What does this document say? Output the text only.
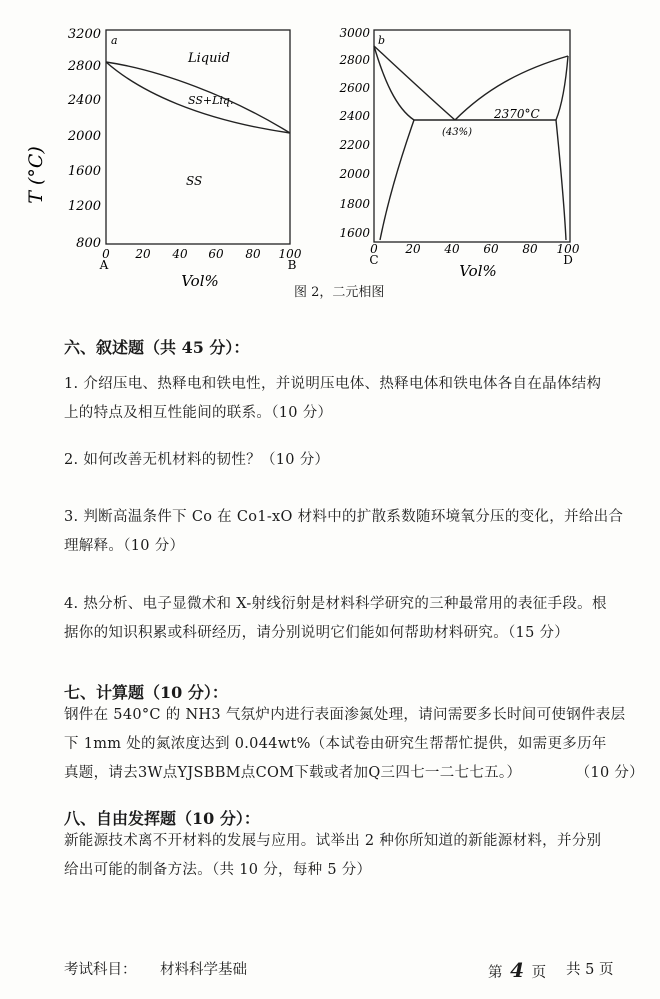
T (°C)
a
3200
2800
2400
2000
1600
1200
800
0 20 40 60 80 100
A	B
Vol%
Liquid
SS+Liq.
SS
b
3000
2800
2600
2400
2200
2000
1800
1600
0 20 40 60 80 100
C	D
Vol%
2370°C
(43%)
图 2，二元相图
六、叙述题（共 45 分）：
1. 介绍压电、热释电和铁电性，并说明压电体、热释电体和铁电体各自在晶体结构
上的特点及相互性能间的联系。（10 分）
2. 如何改善无机材料的韧性？（10 分）
3. 判断高温条件下 Co 在 Co1-xO 材料中的扩散系数随环境氧分压的变化，并给出合
理解释。（10 分）
4. 热分析、电子显微术和 X-射线衍射是材料科学研究的三种最常用的表征手段。根
据你的知识积累或科研经历，请分别说明它们能如何帮助材料研究。（15 分）
七、计算题（10 分）：
钢件在 540°C 的 NH3 气氛炉内进行表面渗氮处理，请问需要多长时间可使钢件表层
下 1mm 处的氮浓度达到 0.044wt%（本试卷由研究生帮帮忙提供，如需更多历年
真题，请去3W点YJSBBM点COM下载或者加Q三四七一二七七五。）	（10 分）
八、自由发挥题（10 分）：
新能源技术离不开材料的发展与应用。试举出 2 种你所知道的新能源材料，并分别
给出可能的制备方法。（共 10 分，每种 5 分）
考试科目： 材料科学基础	第 4 页 共 5 页
